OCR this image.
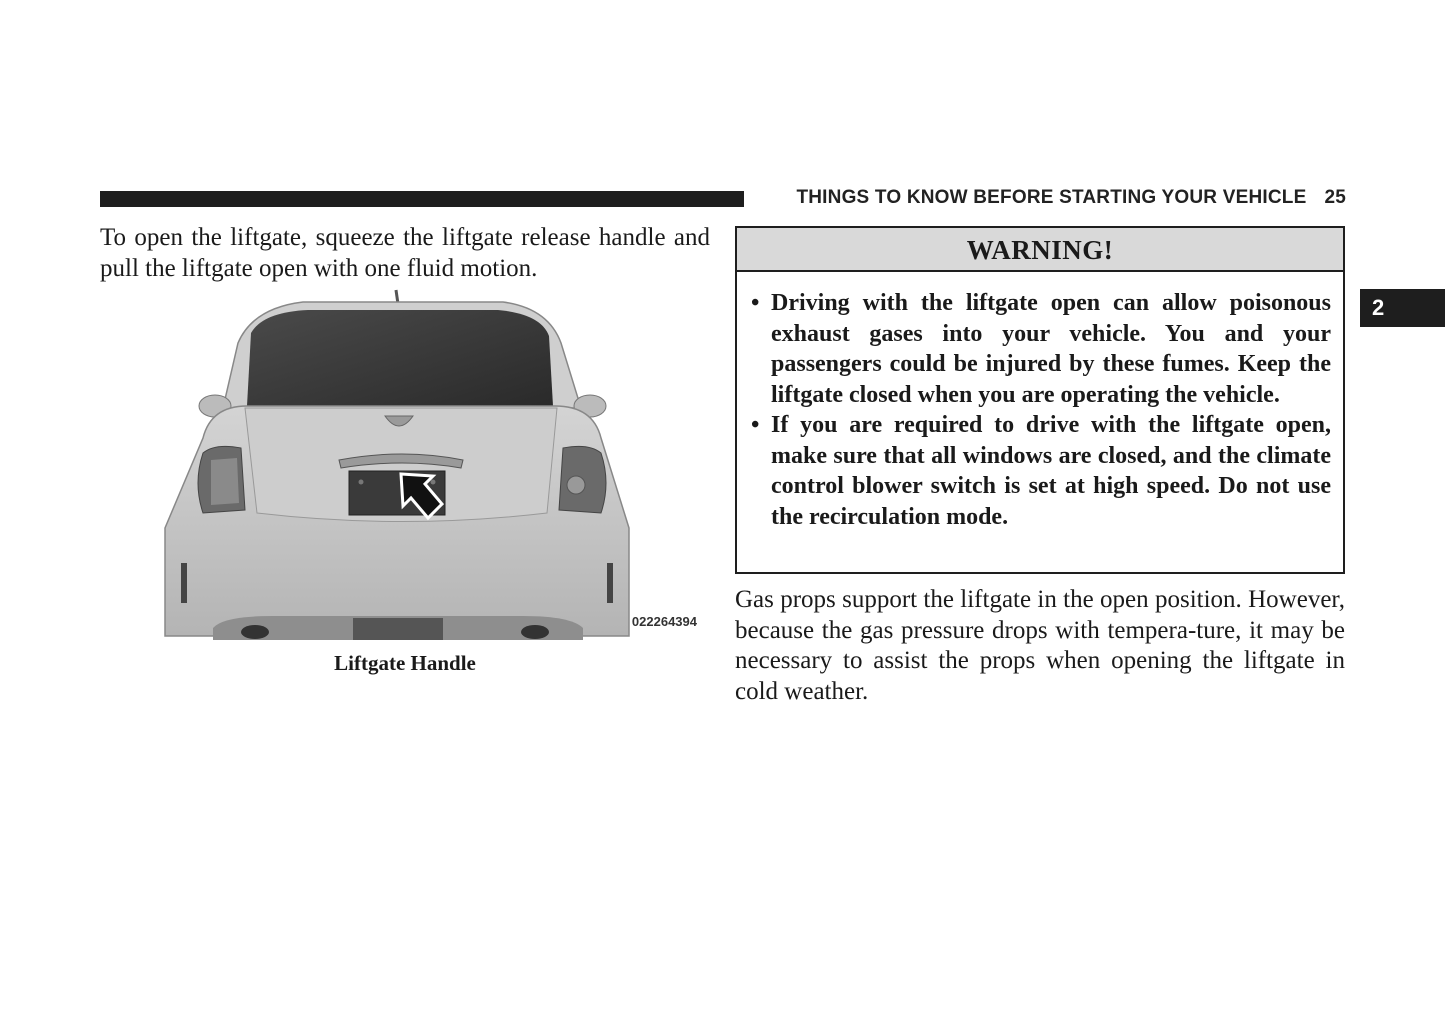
THINGS TO KNOW BEFORE STARTING YOUR VEHICLE 25
2

To open the liftgate, squeeze the liftgate release handle and pull the liftgate open with one fluid motion.

022264394
Liftgate Handle
WARNING!
• Driving with the liftgate open can allow poisonous exhaust gases into your vehicle. You and your passengers could be injured by these fumes. Keep the liftgate closed when you are operating the vehicle.
• If you are required to drive with the liftgate open, make sure that all windows are closed, and the climate control blower switch is set at high speed. Do not use the recirculation mode.

Gas props support the liftgate in the open position. However, because the gas pressure drops with tempera-ture, it may be necessary to assist the props when opening the liftgate in cold weather.
